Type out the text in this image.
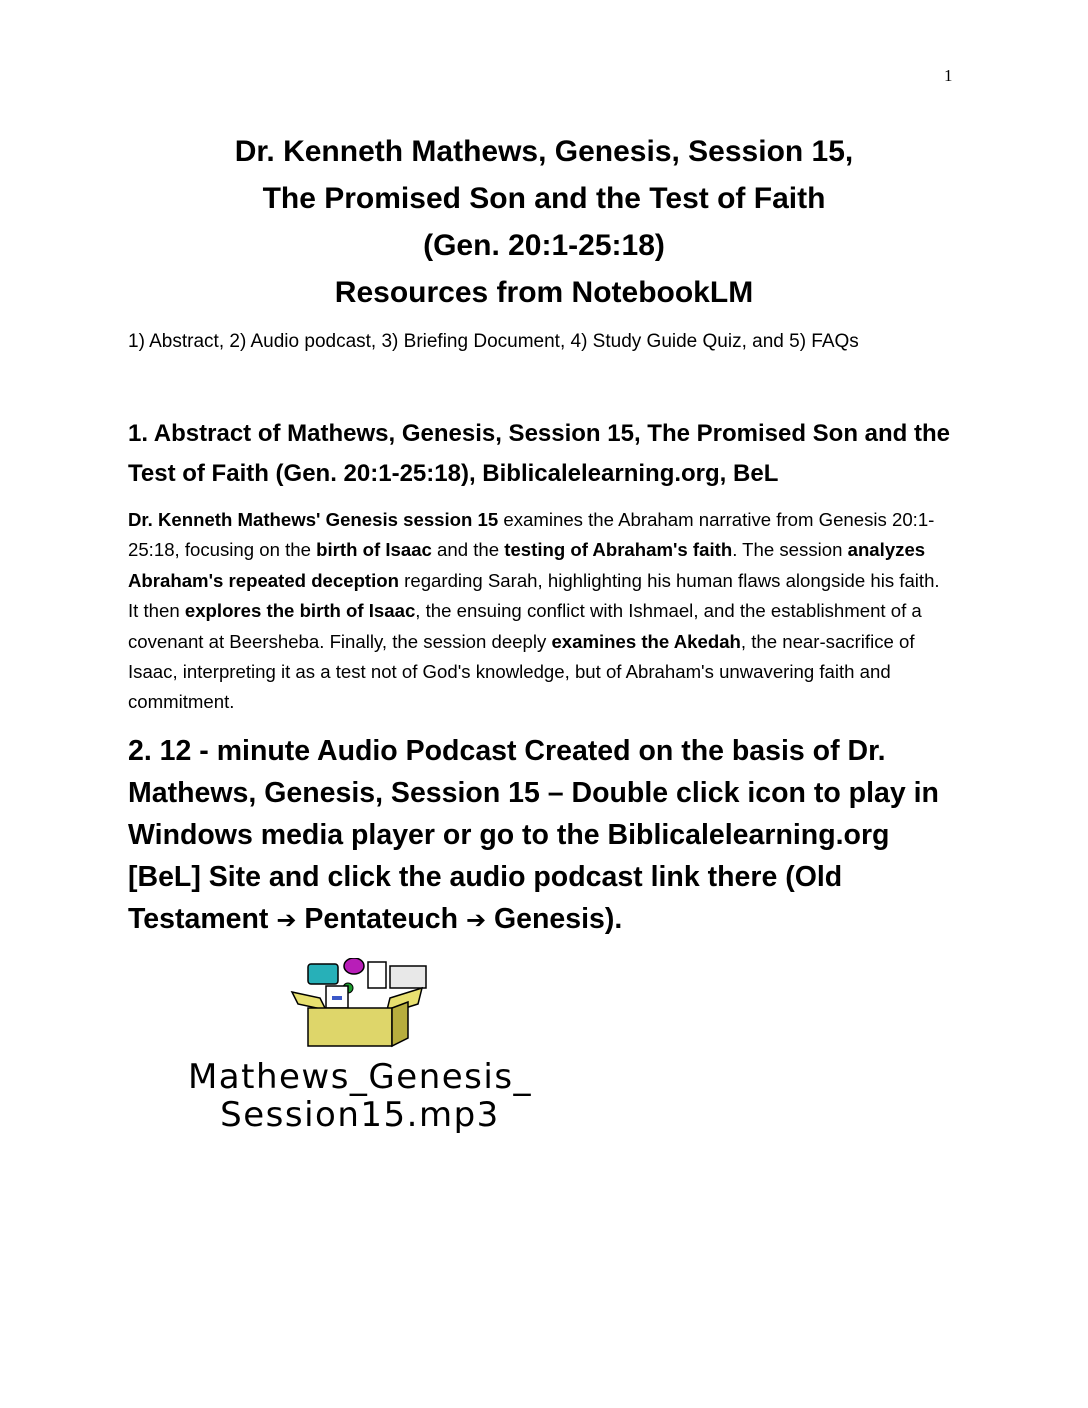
1
Dr. Kenneth Mathews, Genesis, Session 15,
The Promised Son and the Test of Faith
(Gen. 20:1-25:18)
Resources from NotebookLM
1) Abstract, 2) Audio podcast, 3) Briefing Document, 4) Study Guide Quiz, and 5) FAQs
1. Abstract of Mathews, Genesis, Session 15, The Promised Son and the Test of Faith (Gen. 20:1-25:18), Biblicalelearning.org, BeL
Dr. Kenneth Mathews' Genesis session 15 examines the Abraham narrative from Genesis 20:1-25:18, focusing on the birth of Isaac and the testing of Abraham's faith. The session analyzes Abraham's repeated deception regarding Sarah, highlighting his human flaws alongside his faith. It then explores the birth of Isaac, the ensuing conflict with Ishmael, and the establishment of a covenant at Beersheba. Finally, the session deeply examines the Akedah, the near-sacrifice of Isaac, interpreting it as a test not of God's knowledge, but of Abraham's unwavering faith and commitment.
2. 12 - minute Audio Podcast Created on the basis of Dr. Mathews, Genesis, Session 15 – Double click icon to play in Windows media player or go to the Biblicalelearning.org [BeL] Site and click the audio podcast link there (Old Testament ➔ Pentateuch ➔ Genesis).
Mathews_Genesis_
Session15.mp3
